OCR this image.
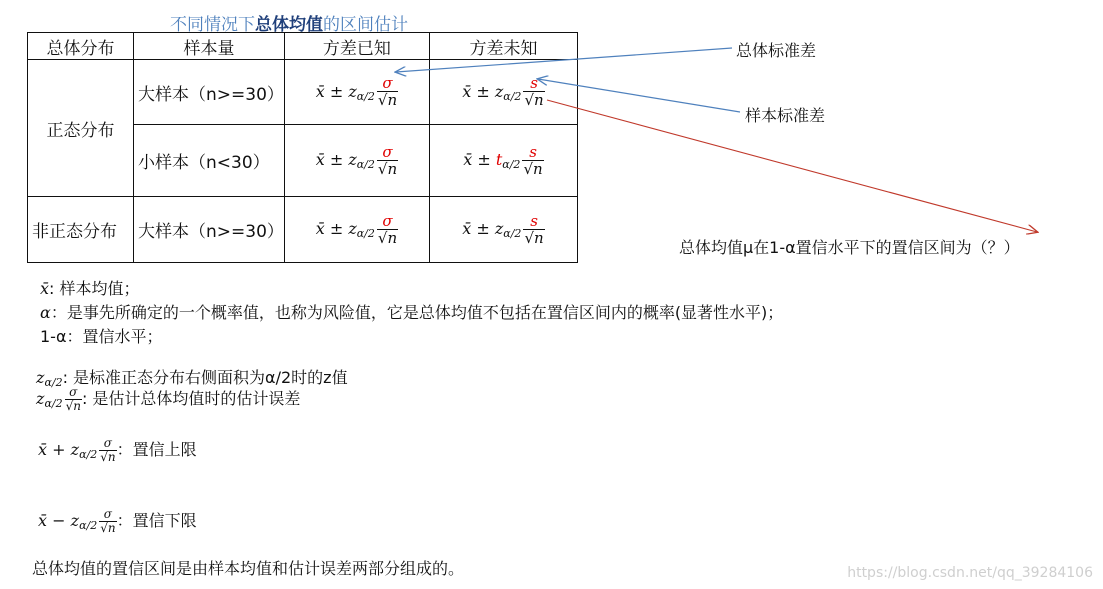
不同情况下总体均值的区间估计
总体分布	样本量	方差已知	方差未知
正态分布	大样本（n>=30）	x̄ ± $z_{\alpha/2} \frac{\sigma}{√n}$	x̄ ± $z_{\alpha/2} \frac{s}{√n}$

	小样本（n<30）	x̄ ± $z_{\alpha/2} \frac{\sigma}{√n}$	x̄ ± $t_{\alpha/2} \frac{s}{√n}$

非正态分布	大样本（n>=30）	x̄ ± $z_{\alpha/2} \frac{\sigma}{√n}$	x̄ ± $z_{\alpha/2} \frac{s}{√n}$
总体标准差
样本标准差
总体均值μ在1-α置信水平下的置信区间为（？）
x̄: 样本均值；
α：是事先所确定的一个概率值，也称为风险值，它是总体均值不包括在置信区间内的概率(显著性水平)；
1-α：置信水平；
$z_{\alpha/2}$: 是标准正态分布右侧面积为α/2时的z值
$z_{\alpha/2} \frac{\sigma}{√n}$ : 是估计总体均值时的估计误差
x̄ + $z_{\alpha/2} \frac{\sigma}{√n}$ ：置信上限
x̄ − $z_{\alpha/2} \frac{\sigma}{√n}$ ：置信下限
总体均值的置信区间是由样本均值和估计误差两部分组成的。	https://blog.csdn.net/qq_39284106
